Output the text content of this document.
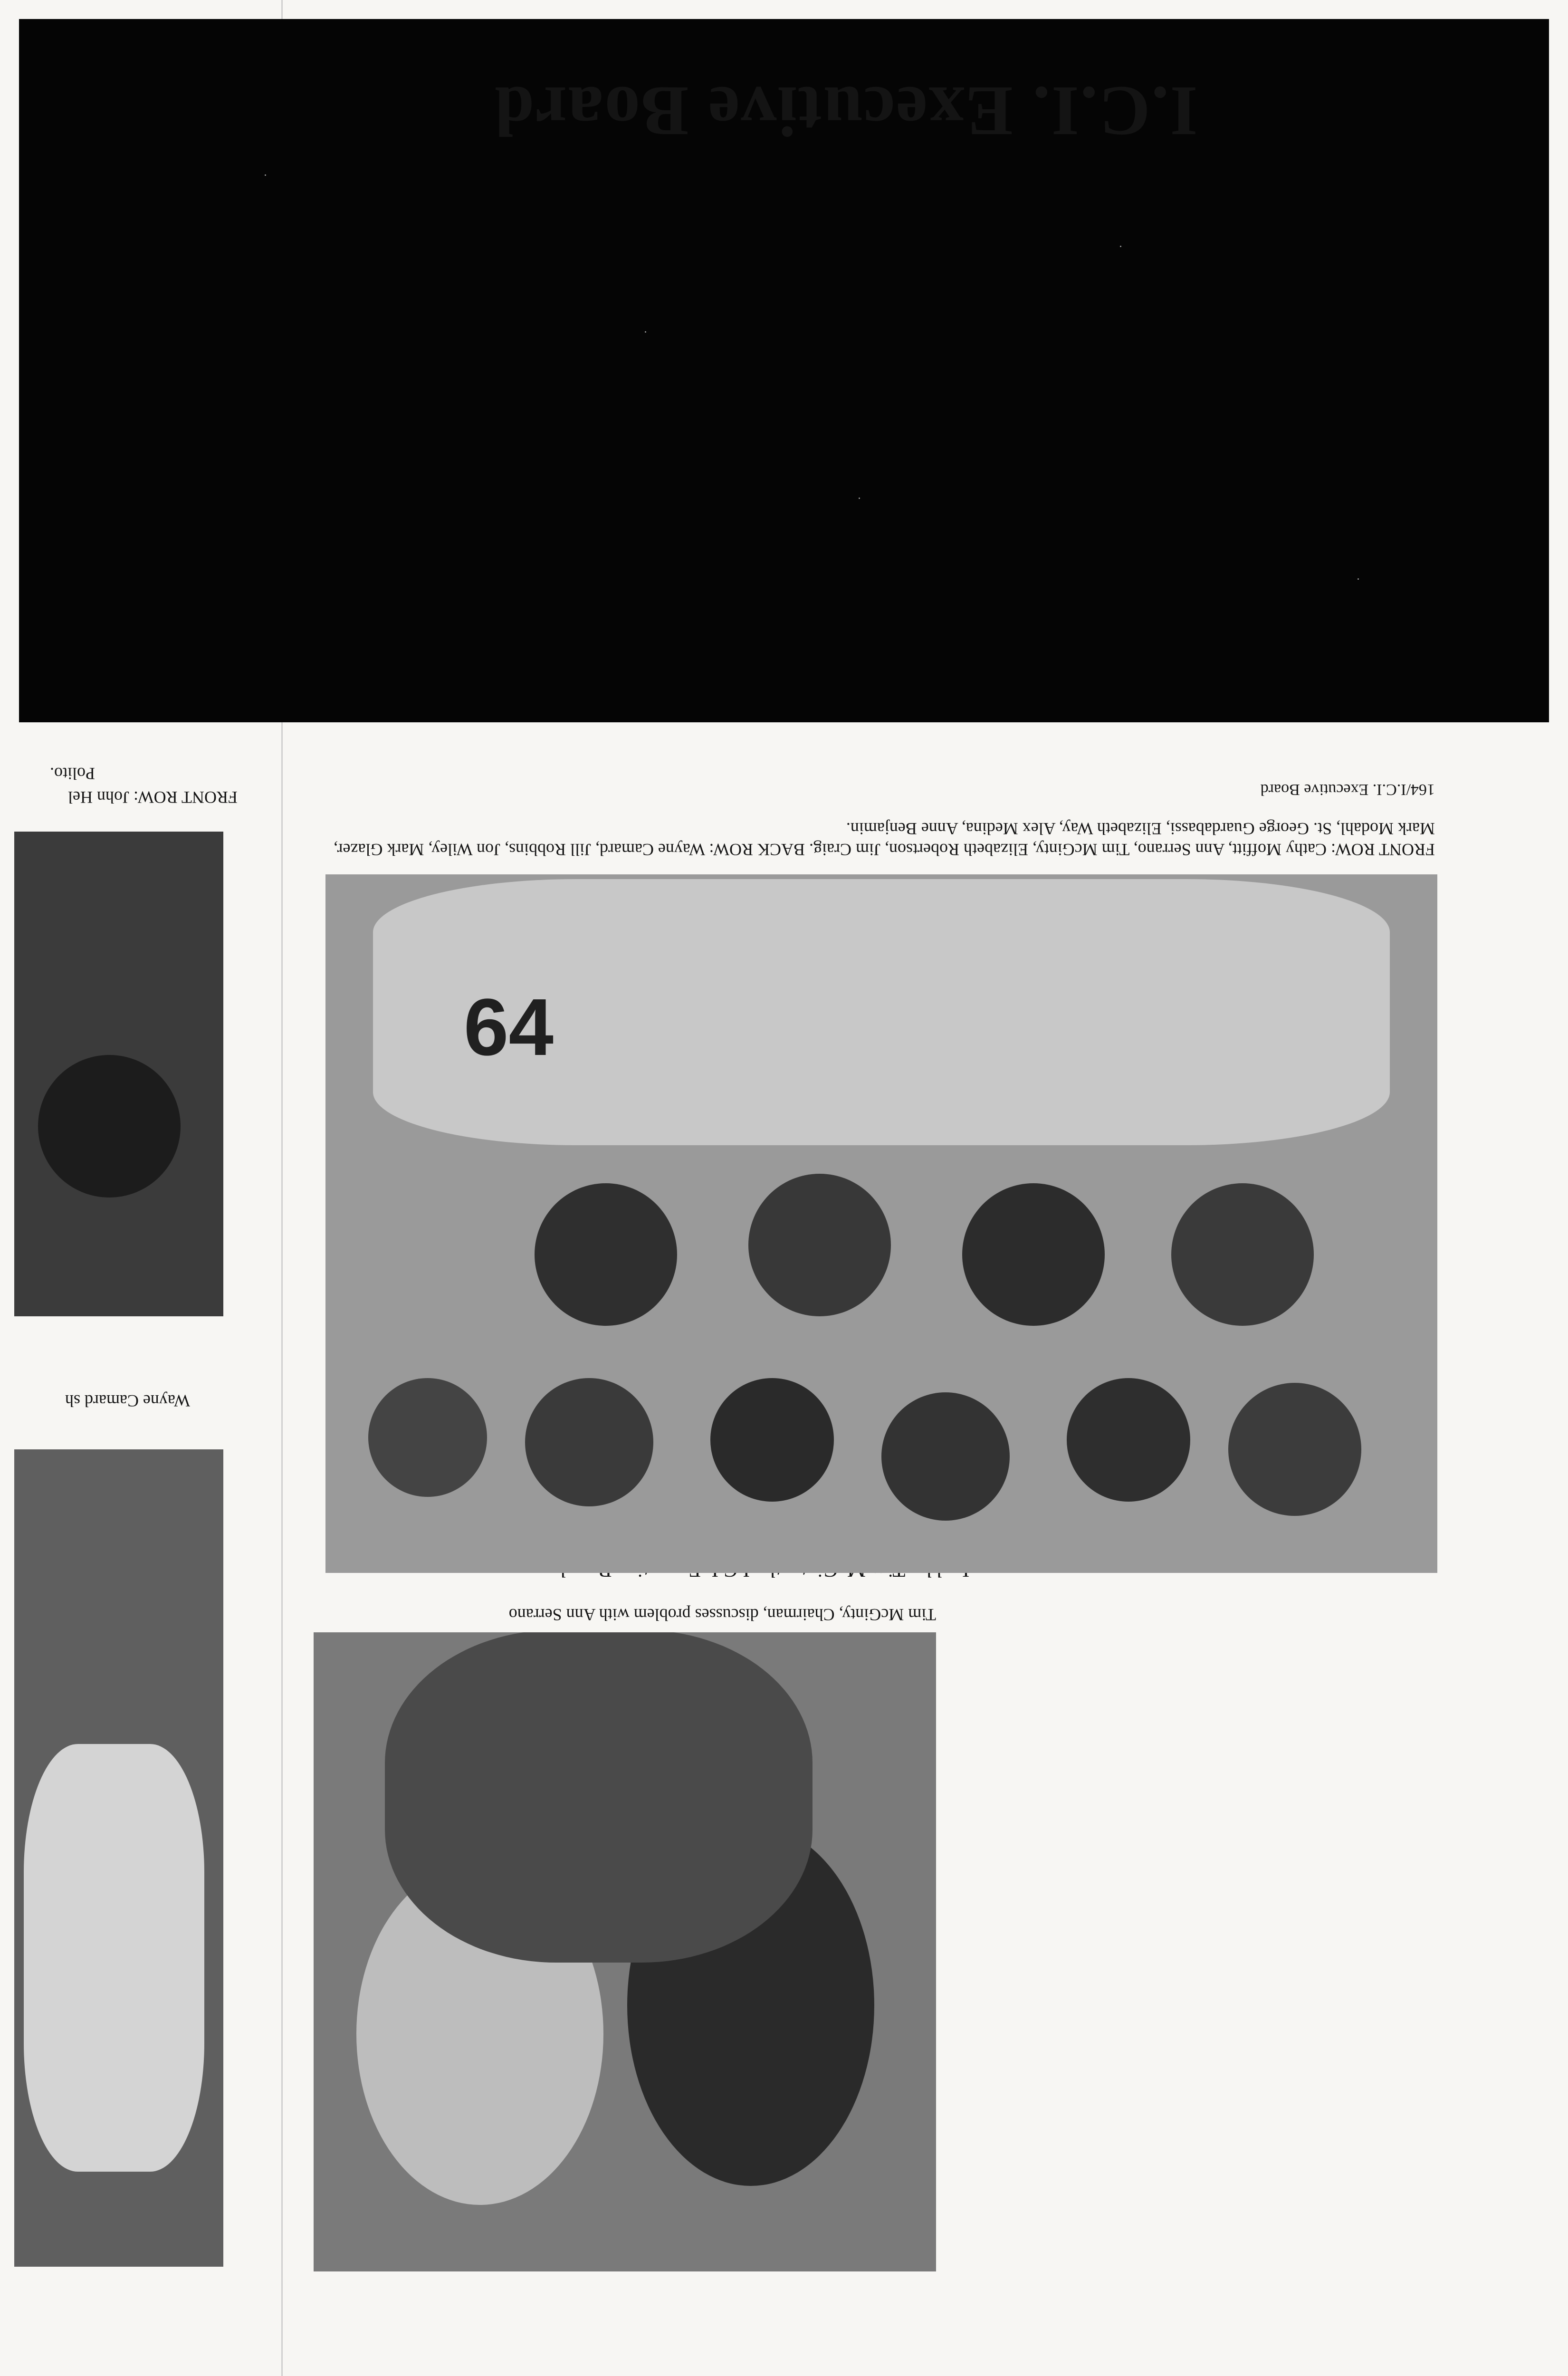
I.C.I. Executive Board
Tim McGinty, Chairman, discusses problem with Ann Serrano
64
FRONT ROW: Cathy Moffitt, Ann Serrano, Tim McGinty, Elizabeth Robertson, Jim Craig. BACK ROW: Wayne Camard, Jill Robbins, Jon Wiley, Mark Glazer, Mark Modahl, St. George Guardabassi, Elizabeth Way, Alex Medina, Anne Benjamin.
164/I.C.I. Executive Board
Wayne Camard sh
FRONT ROW: John Hel
Polito.
